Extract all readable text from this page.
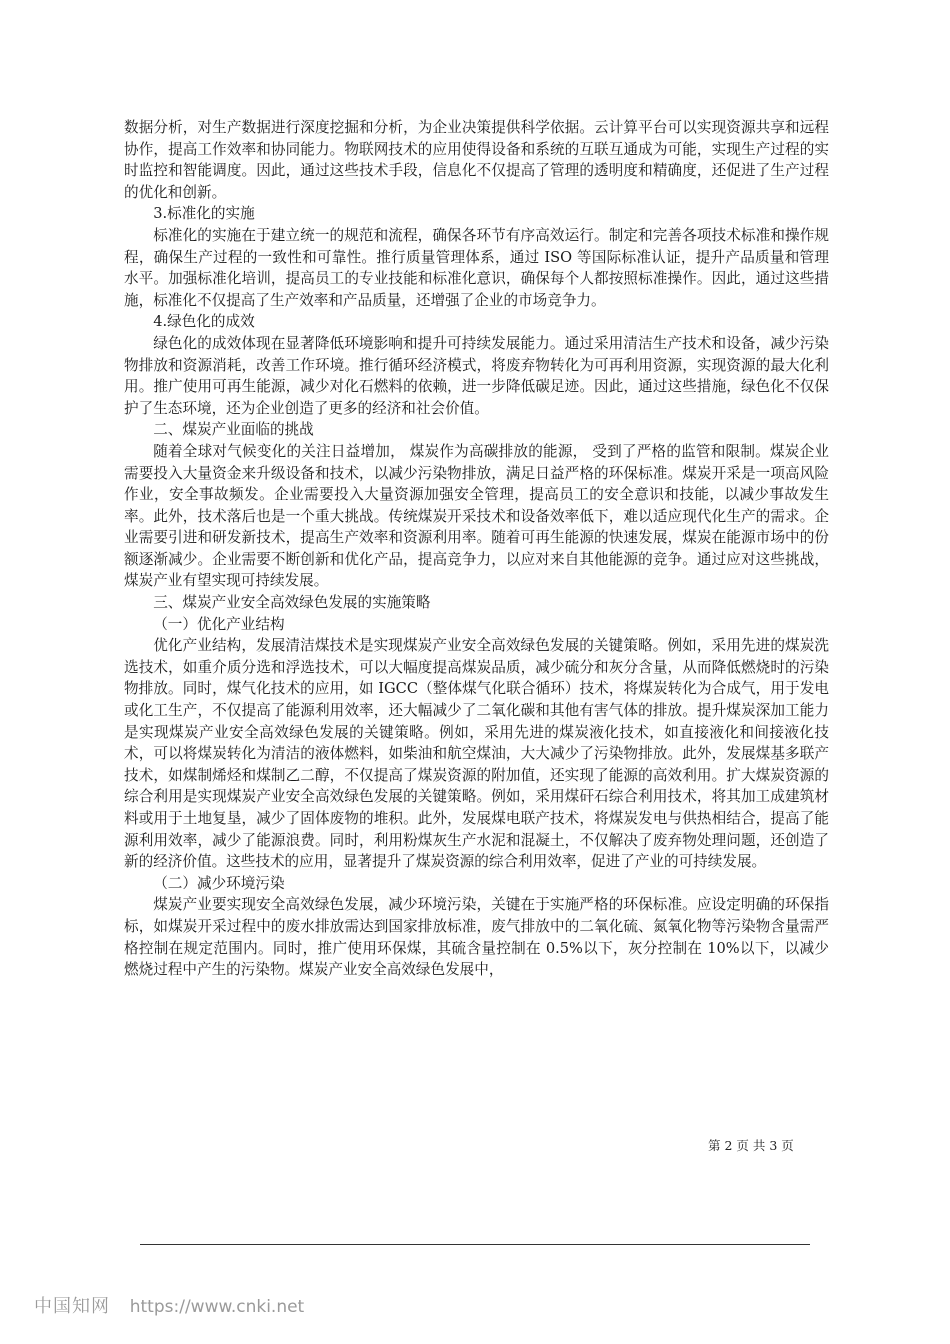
数据分析，对生产数据进行深度挖掘和分析，为企业决策提供科学依据。云计算平台可以实现资源共享和远程协作，提高工作效率和协同能力。物联网技术的应用使得设备和系统的互联互通成为可能，实现生产过程的实时监控和智能调度。因此，通过这些技术手段，信息化不仅提高了管理的透明度和精确度，还促进了生产过程的优化和创新。

3.标准化的实施

标准化的实施在于建立统一的规范和流程，确保各环节有序高效运行。制定和完善各项技术标准和操作规程，确保生产过程的一致性和可靠性。推行质量管理体系，通过 ISO 等国际标准认证，提升产品质量和管理水平。加强标准化培训，提高员工的专业技能和标准化意识，确保每个人都按照标准操作。因此，通过这些措施，标准化不仅提高了生产效率和产品质量，还增强了企业的市场竞争力。

4.绿色化的成效

绿色化的成效体现在显著降低环境影响和提升可持续发展能力。通过采用清洁生产技术和设备，减少污染物排放和资源消耗，改善工作环境。推行循环经济模式，将废弃物转化为可再利用资源，实现资源的最大化利用。推广使用可再生能源，减少对化石燃料的依赖，进一步降低碳足迹。因此，通过这些措施，绿色化不仅保护了生态环境，还为企业创造了更多的经济和社会价值。

二、煤炭产业面临的挑战

随着全球对气候变化的关注日益增加， 煤炭作为高碳排放的能源， 受到了严格的监管和限制。煤炭企业需要投入大量资金来升级设备和技术，以减少污染物排放，满足日益严格的环保标准。煤炭开采是一项高风险作业，安全事故频发。企业需要投入大量资源加强安全管理，提高员工的安全意识和技能，以减少事故发生率。此外，技术落后也是一个重大挑战。传统煤炭开采技术和设备效率低下，难以适应现代化生产的需求。企业需要引进和研发新技术，提高生产效率和资源利用率。随着可再生能源的快速发展，煤炭在能源市场中的份额逐渐减少。企业需要不断创新和优化产品，提高竞争力，以应对来自其他能源的竞争。通过应对这些挑战，煤炭产业有望实现可持续发展。

三、煤炭产业安全高效绿色发展的实施策略

（一）优化产业结构

优化产业结构，发展清洁煤技术是实现煤炭产业安全高效绿色发展的关键策略。例如，采用先进的煤炭洗选技术，如重介质分选和浮选技术，可以大幅度提高煤炭品质，减少硫分和灰分含量，从而降低燃烧时的污染物排放。同时，煤气化技术的应用，如 IGCC（整体煤气化联合循环）技术，将煤炭转化为合成气，用于发电或化工生产，不仅提高了能源利用效率，还大幅减少了二氧化碳和其他有害气体的排放。提升煤炭深加工能力是实现煤炭产业安全高效绿色发展的关键策略。例如，采用先进的煤炭液化技术，如直接液化和间接液化技术，可以将煤炭转化为清洁的液体燃料，如柴油和航空煤油，大大减少了污染物排放。此外，发展煤基多联产技术，如煤制烯烃和煤制乙二醇，不仅提高了煤炭资源的附加值，还实现了能源的高效利用。扩大煤炭资源的综合利用是实现煤炭产业安全高效绿色发展的关键策略。例如，采用煤矸石综合利用技术，将其加工成建筑材料或用于土地复垦，减少了固体废物的堆积。此外，发展煤电联产技术，将煤炭发电与供热相结合，提高了能源利用效率，减少了能源浪费。同时，利用粉煤灰生产水泥和混凝土，不仅解决了废弃物处理问题，还创造了新的经济价值。这些技术的应用，显著提升了煤炭资源的综合利用效率，促进了产业的可持续发展。

（二）减少环境污染

煤炭产业要实现安全高效绿色发展，减少环境污染，关键在于实施严格的环保标准。应设定明确的环保指标，如煤炭开采过程中的废水排放需达到国家排放标准，废气排放中的二氧化硫、氮氧化物等污染物含量需严格控制在规定范围内。同时，推广使用环保煤，其硫含量控制在 0.5%以下，灰分控制在 10%以下，以减少燃烧过程中产生的污染物。煤炭产业安全高效绿色发展中，

第 2 页 共 3 页
中国知网 https://www.cnki.net
